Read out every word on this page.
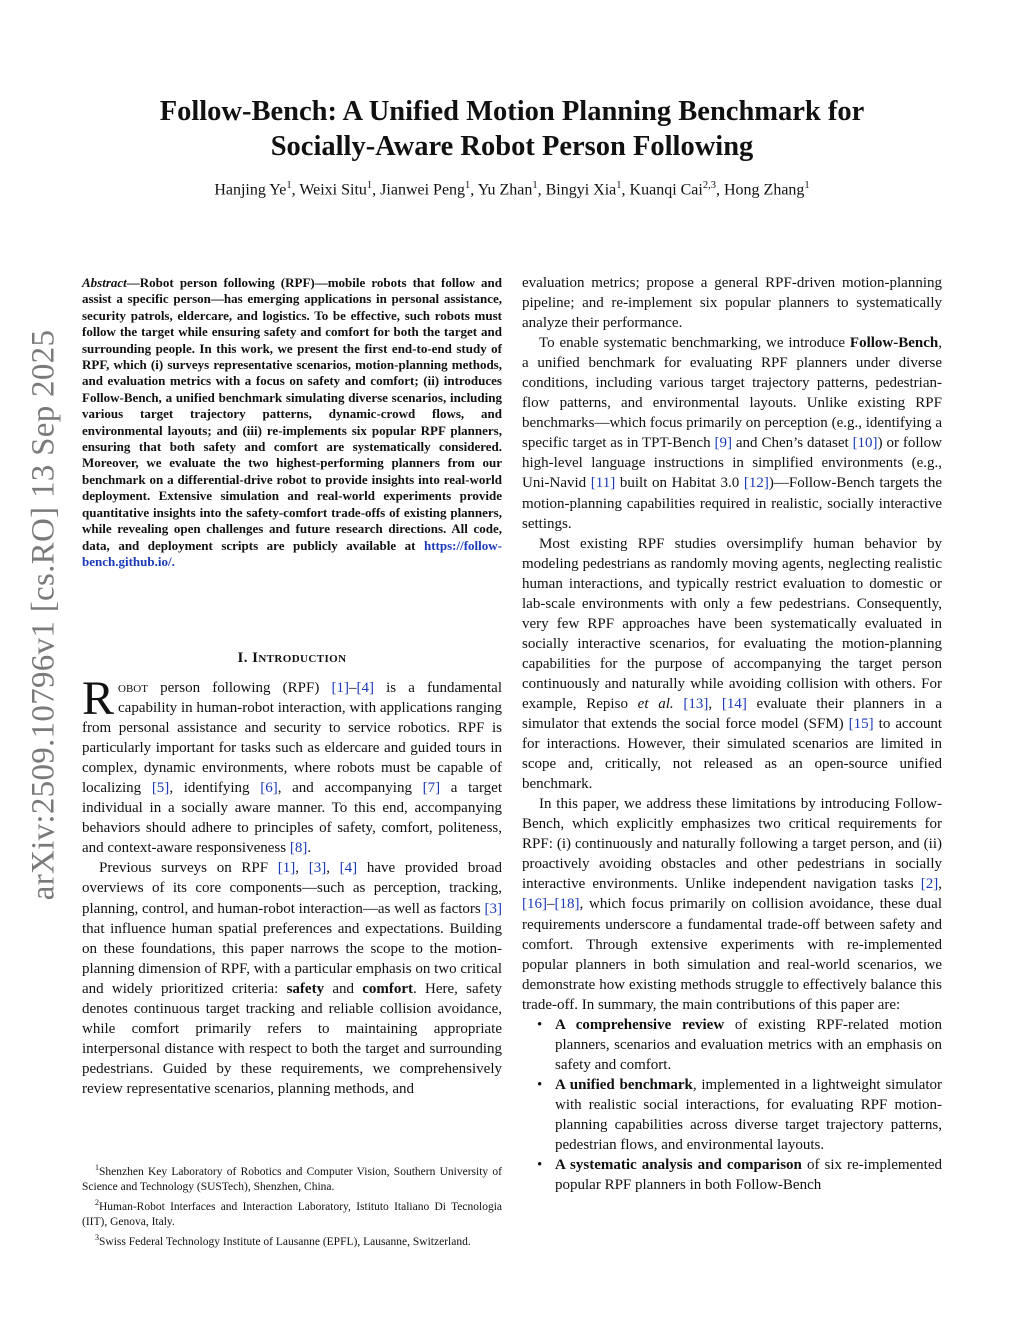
arXiv:2509.10796v1 [cs.RO] 13 Sep 2025
Follow-Bench: A Unified Motion Planning Benchmark for
Socially-Aware Robot Person Following

Hanjing Ye$^1$, Weixi Situ$^1$, Jianwei Peng$^1$, Yu Zhan$^1$, Bingyi Xia$^1$, Kuanqi Cai$^{2,3}$, Hong Zhang$^1$

Abstract—Robot person following (RPF)—mobile robots that follow and assist a specific person—has emerging applications in personal assistance, security patrols, eldercare, and logistics. To be effective, such robots must follow the target while ensuring safety and comfort for both the target and surrounding people. In this work, we present the first end-to-end study of RPF, which (i) surveys representative scenarios, motion-planning methods, and evaluation metrics with a focus on safety and comfort; (ii) introduces Follow-Bench, a unified benchmark simulating diverse scenarios, including various target trajectory patterns, dynamic-crowd flows, and environmental layouts; and (iii) re-implements six popular RPF planners, ensuring that both safety and comfort are systematically considered. Moreover, we evaluate the two highest-performing planners from our benchmark on a differential-drive robot to provide insights into real-world deployment. Extensive simulation and real-world experiments provide quantitative insights into the safety-comfort trade-offs of existing planners, while revealing open challenges and future research directions. All code, data, and deployment scripts are publicly available at https://follow-bench.github.io/.

I. Introduction

Robot person following (RPF) [1]–[4] is a fundamental capability in human-robot interaction, with applications ranging from personal assistance and security to service robotics. RPF is particularly important for tasks such as eldercare and guided tours in complex, dynamic environments, where robots must be capable of localizing [5], identifying [6], and accompanying [7] a target individual in a socially aware manner. To this end, accompanying behaviors should adhere to principles of safety, comfort, politeness, and context-aware responsiveness [8].

Previous surveys on RPF [1], [3], [4] have provided broad overviews of its core components—such as perception, tracking, planning, control, and human-robot interaction—as well as factors [3] that influence human spatial preferences and expectations. Building on these foundations, this paper narrows the scope to the motion-planning dimension of RPF, with a particular emphasis on two critical and widely prioritized criteria: safety and comfort. Here, safety denotes continuous target tracking and reliable collision avoidance, while comfort primarily refers to maintaining appropriate interpersonal distance with respect to both the target and surrounding pedestrians. Guided by these requirements, we comprehensively review representative scenarios, planning methods, and

$^1$Shenzhen Key Laboratory of Robotics and Computer Vision, Southern University of Science and Technology (SUSTech), Shenzhen, China.

$^2$Human-Robot Interfaces and Interaction Laboratory, Istituto Italiano Di Tecnologia (IIT), Genova, Italy.

$^3$Swiss Federal Technology Institute of Lausanne (EPFL), Lausanne, Switzerland.

evaluation metrics; propose a general RPF-driven motion-planning pipeline; and re-implement six popular planners to systematically analyze their performance.

To enable systematic benchmarking, we introduce Follow-Bench, a unified benchmark for evaluating RPF planners under diverse conditions, including various target trajectory patterns, pedestrian-flow patterns, and environmental layouts. Unlike existing RPF benchmarks—which focus primarily on perception (e.g., identifying a specific target as in TPT-Bench [9] and Chen’s dataset [10]) or follow high-level language instructions in simplified environments (e.g., Uni-Navid [11] built on Habitat 3.0 [12])—Follow-Bench targets the motion-planning capabilities required in realistic, socially interactive settings.

Most existing RPF studies oversimplify human behavior by modeling pedestrians as randomly moving agents, neglecting realistic human interactions, and typically restrict evaluation to domestic or lab-scale environments with only a few pedestrians. Consequently, very few RPF approaches have been systematically evaluated in socially interactive scenarios, for evaluating the motion-planning capabilities for the purpose of accompanying the target person continuously and naturally while avoiding collision with others. For example, Repiso et al. [13], [14] evaluate their planners in a simulator that extends the social force model (SFM) [15] to account for interactions. However, their simulated scenarios are limited in scope and, critically, not released as an open-source unified benchmark.

In this paper, we address these limitations by introducing Follow-Bench, which explicitly emphasizes two critical requirements for RPF: (i) continuously and naturally following a target person, and (ii) proactively avoiding obstacles and other pedestrians in socially interactive environments. Unlike independent navigation tasks [2], [16]–[18], which focus primarily on collision avoidance, these dual requirements underscore a fundamental trade-off between safety and comfort. Through extensive experiments with re-implemented popular planners in both simulation and real-world scenarios, we demonstrate how existing methods struggle to effectively balance this trade-off. In summary, the main contributions of this paper are:

• A comprehensive review of existing RPF-related motion planners, scenarios and evaluation metrics with an emphasis on safety and comfort.
• A unified benchmark, implemented in a lightweight simulator with realistic social interactions, for evaluating RPF motion-planning capabilities across diverse target trajectory patterns, pedestrian flows, and environmental layouts.
• A systematic analysis and comparison of six re-implemented popular RPF planners in both Follow-Bench
